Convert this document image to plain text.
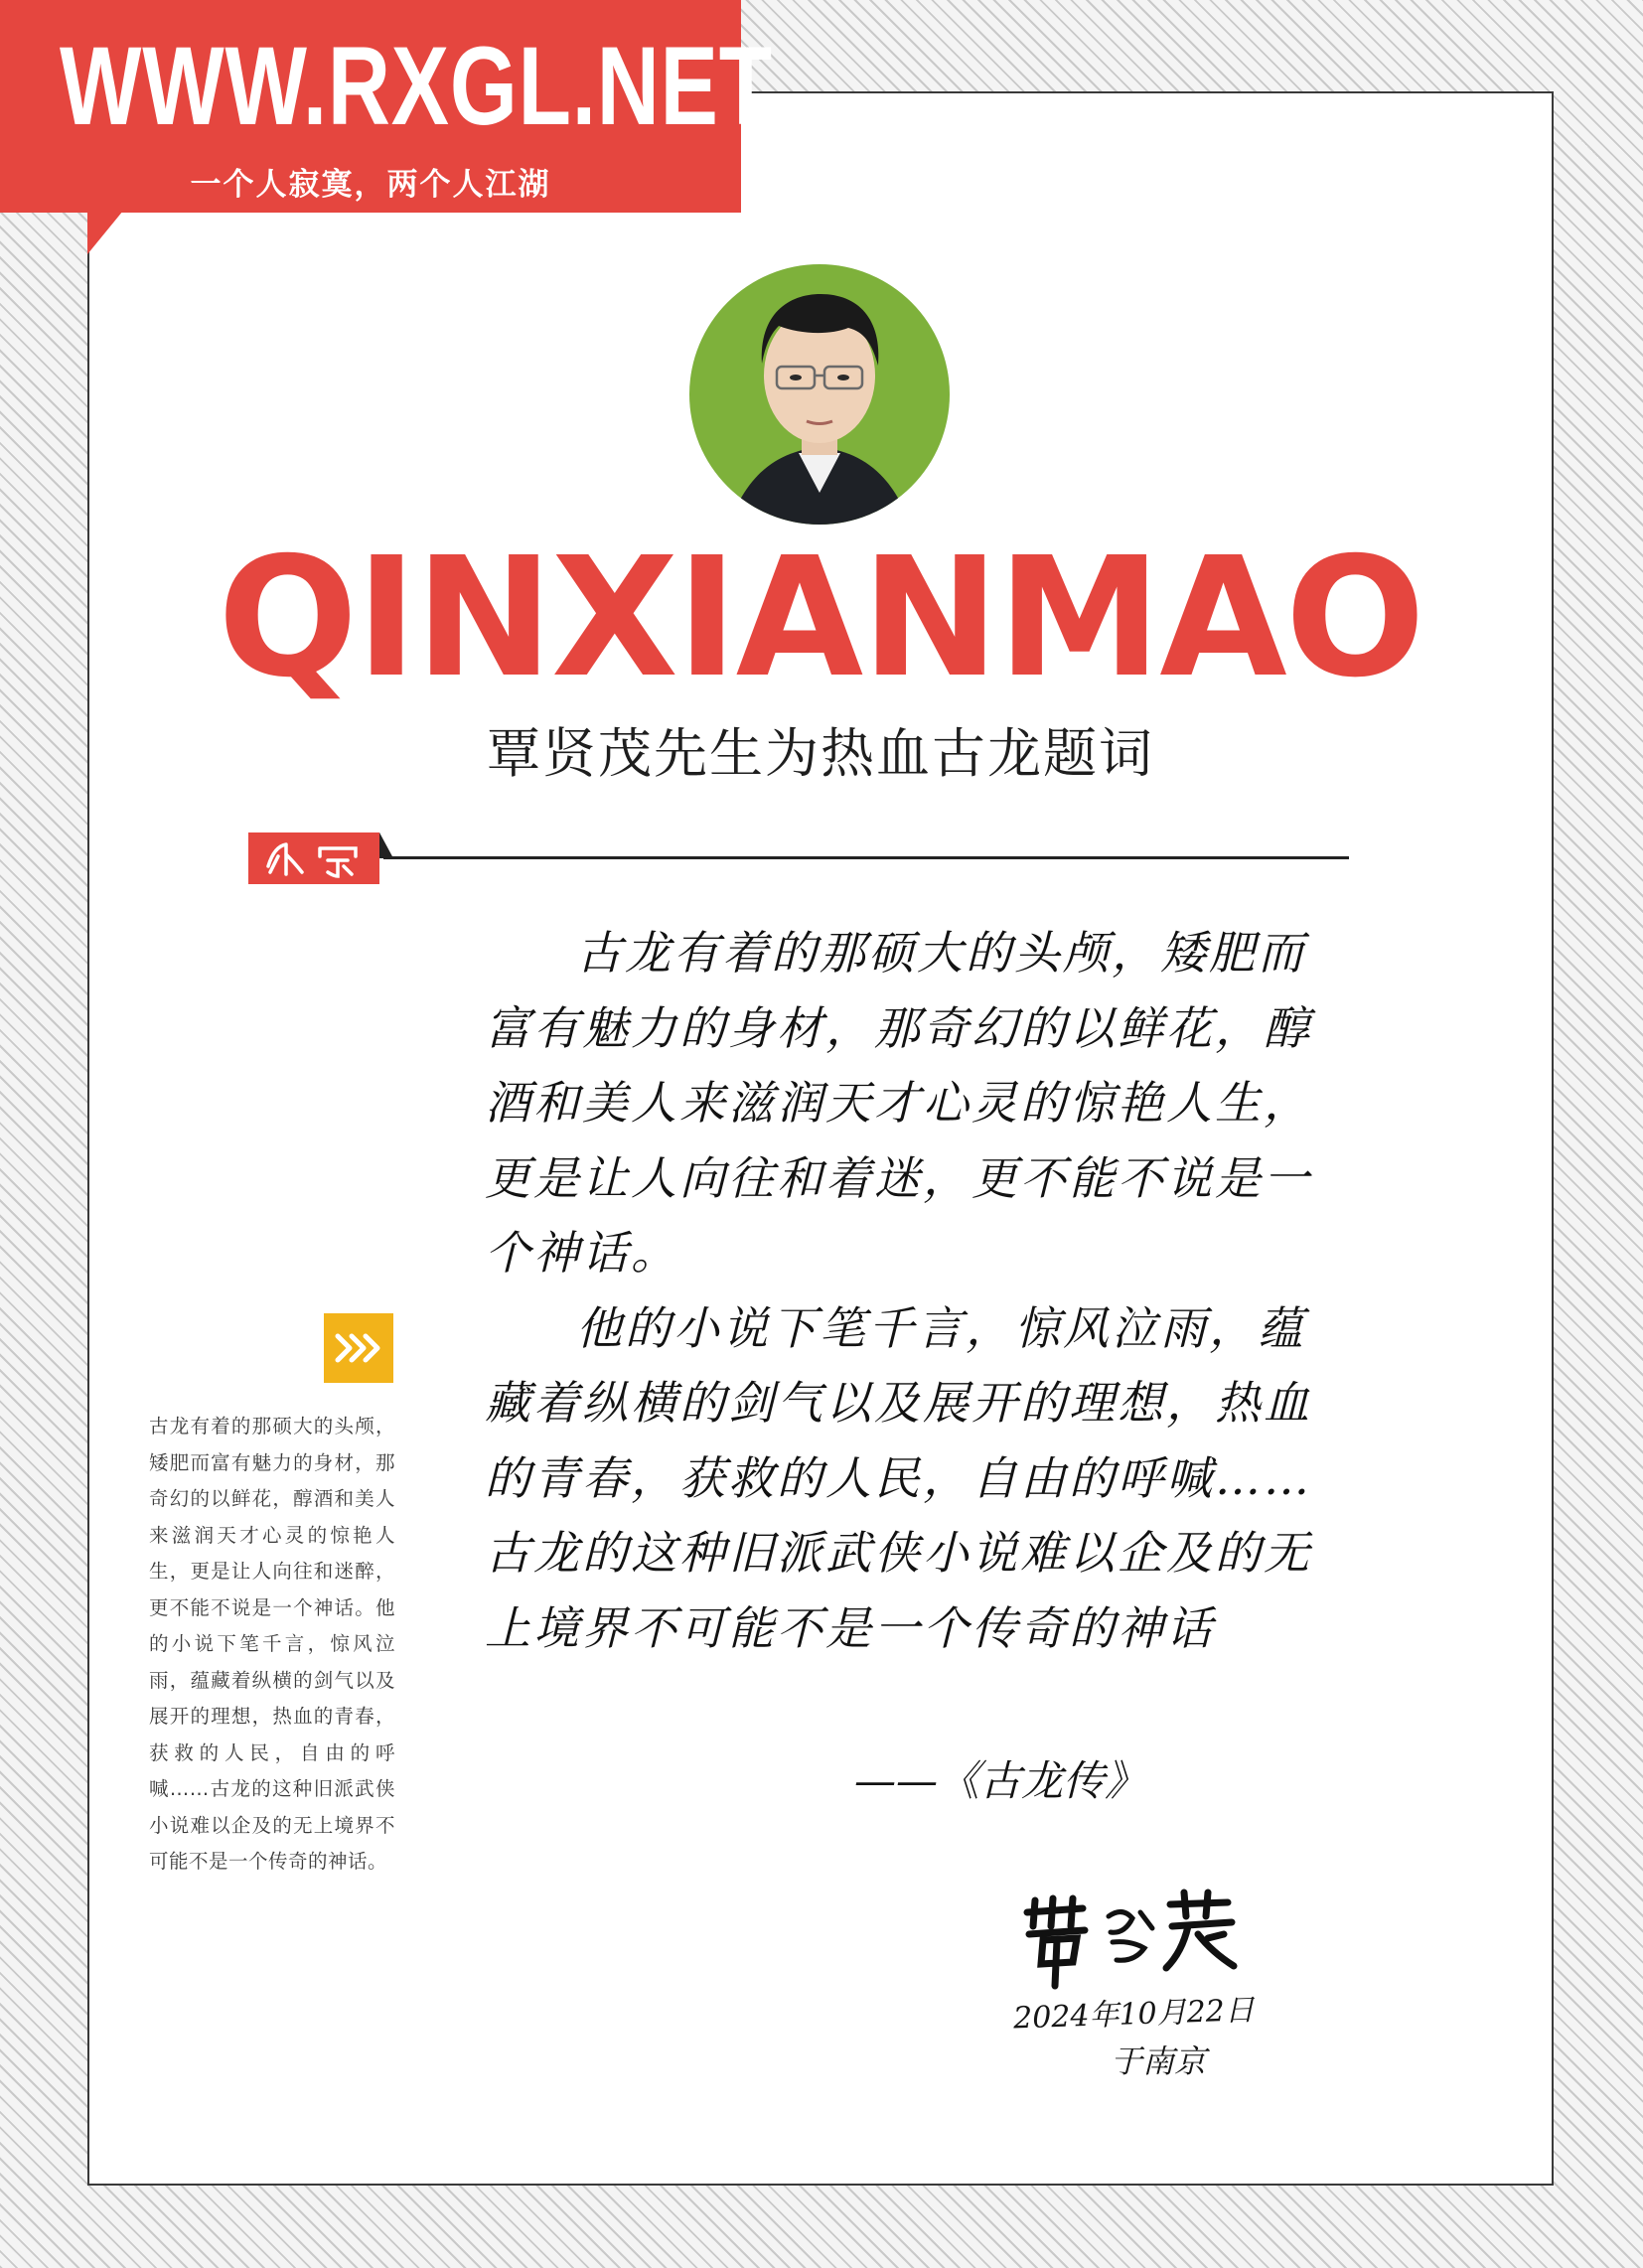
WWW.RXGL.NET
一个人寂寞，两个人江湖
QINXIANMAO
覃贤茂先生为热血古龙题词
古龙有着的那硕大的头颅，矮肥而富有魅力的身材，那奇幻的以鲜花，醇酒和美人来滋润天才心灵的惊艳人生，更是让人向往和迷醉，更不能不说是一个神话。他的小说下笔千言，惊风泣雨，蕴藏着纵横的剑气以及展开的理想，热血的青春，获救的人民，自由的呼喊……古龙的这种旧派武侠小说难以企及的无上境界不可能不是一个传奇的神话。

古龙有着的那硕大的头颅，矮肥而富有魅力的身材，那奇幻的以鲜花，醇酒和美人来滋润天才心灵的惊艳人生，更是让人向往和着迷，更不能不说是一个神话。

他的小说下笔千言，惊风泣雨，蕴藏着纵横的剑气以及展开的理想，热血的青春，获救的人民，自由的呼喊……古龙的这种旧派武侠小说难以企及的无上境界不可能不是一个传奇的神话

——《古龙传》
2024年10月22日
于南京
